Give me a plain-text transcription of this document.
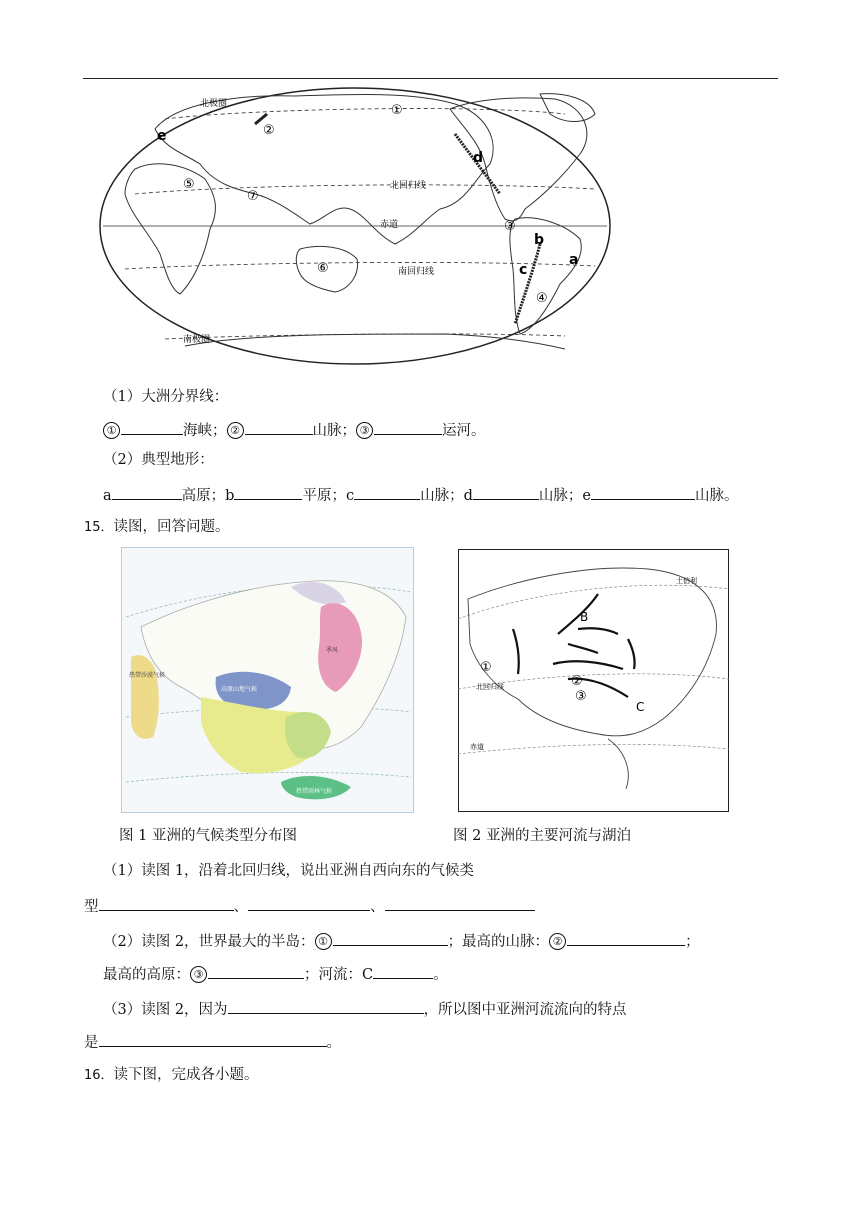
北极圈
北回归线
赤道
南回归线
南极圈
①
②
③
④
⑤
⑥
⑦
a
b
c
d
e
（1）大洲分界线：
①	海峡； ②	山脉； ③	运河。
（2）典型地形：
a	高原；b	平原；c	山脉；d	山脉；e	山脉。
15．读图，回答问题。
热带沙漠气候
高原山地气候
季风
热带雨林气候
B
C
①
②
③
北回归线
赤道
土伯利
图 1 亚洲的气候类型分布图	图 2 亚洲的主要河流与湖泊
（1）读图 1，沿着北回归线，说出亚洲自西向东的气候类
型	、	、
（2）读图 2，世界最大的半岛： ①	；最高的山脉： ②	；
最高的高原： ③	；河流：C	。
（3）读图 2，因为	，所以图中亚洲河流流向的特点
是	。
16．读下图，完成各小题。
